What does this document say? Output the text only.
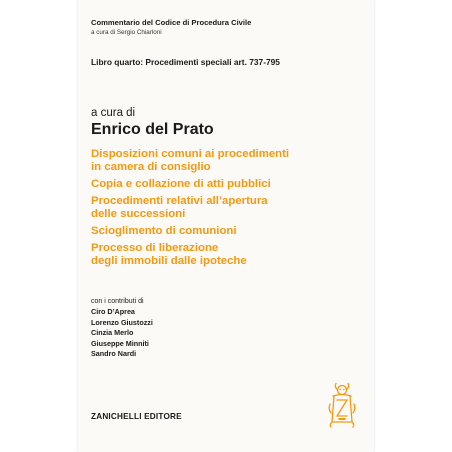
Commentario del Codice di Procedura Civile
a cura di Sergio Chiarloni
Libro quarto: Procedimenti speciali art. 737-795
a cura di
Enrico del Prato
Disposizioni comuni ai procedimenti
in camera di consiglio
Copia e collazione di atti pubblici
Procedimenti relativi all’apertura
delle successioni
Scioglimento di comunioni
Processo di liberazione
degli immobili dalle ipoteche
con i contributi di
Ciro D’Aprea
Lorenzo Giustozzi
Cinzia Merlo
Giuseppe Minniti
Sandro Nardi
ZANICHELLI EDITORE
